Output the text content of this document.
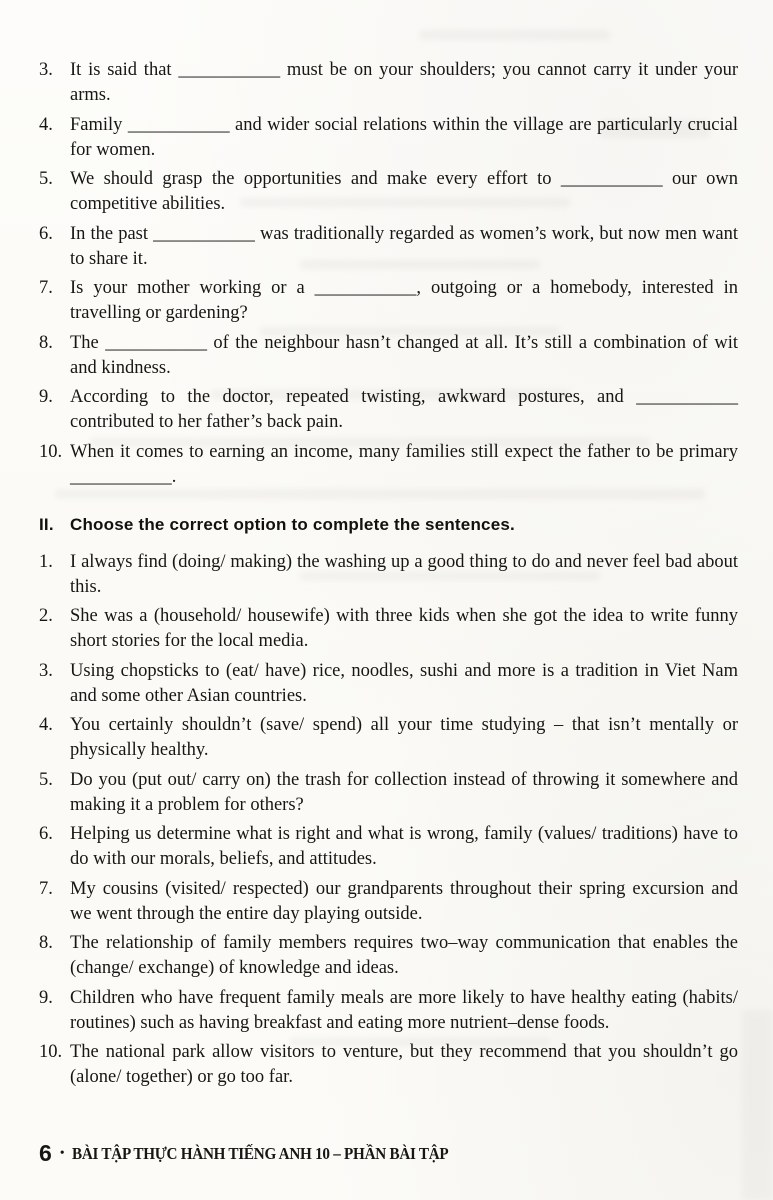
3. It is said that ___________ must be on your shoulders; you cannot carry it under your arms.
4. Family ___________ and wider social relations within the village are particularly crucial for women.
5. We should grasp the opportunities and make every effort to ___________ our own competitive abilities.
6. In the past ___________ was traditionally regarded as women’s work, but now men want to share it.
7. Is your mother working or a ___________, outgoing or a homebody, interested in travelling or gardening?
8. The ___________ of the neighbour hasn’t changed at all. It’s still a combination of wit and kindness.
9. According to the doctor, repeated twisting, awkward postures, and ___________ contributed to her father’s back pain.
10. When it comes to earning an income, many families still expect the father to be primary ___________.
II. Choose the correct option to complete the sentences.
1. I always find (doing/ making) the washing up a good thing to do and never feel bad about this.
2. She was a (household/ housewife) with three kids when she got the idea to write funny short stories for the local media.
3. Using chopsticks to (eat/ have) rice, noodles, sushi and more is a tradition in Viet Nam and some other Asian countries.
4. You certainly shouldn’t (save/ spend) all your time studying – that isn’t mentally or physically healthy.
5. Do you (put out/ carry on) the trash for collection instead of throwing it somewhere and making it a problem for others?
6. Helping us determine what is right and what is wrong, family (values/ traditions) have to do with our morals, beliefs, and attitudes.
7. My cousins (visited/ respected) our grandparents throughout their spring excursion and we went through the entire day playing outside.
8. The relationship of family members requires two–way communication that enables the (change/ exchange) of knowledge and ideas.
9. Children who have frequent family meals are more likely to have healthy eating (habits/ routines) such as having breakfast and eating more nutrient–dense foods.
10. The national park allow visitors to venture, but they recommend that you shouldn’t go (alone/ together) or go too far.
6 • BÀI TẬP THỰC HÀNH TIẾNG ANH 10 – PHẦN BÀI TẬP
